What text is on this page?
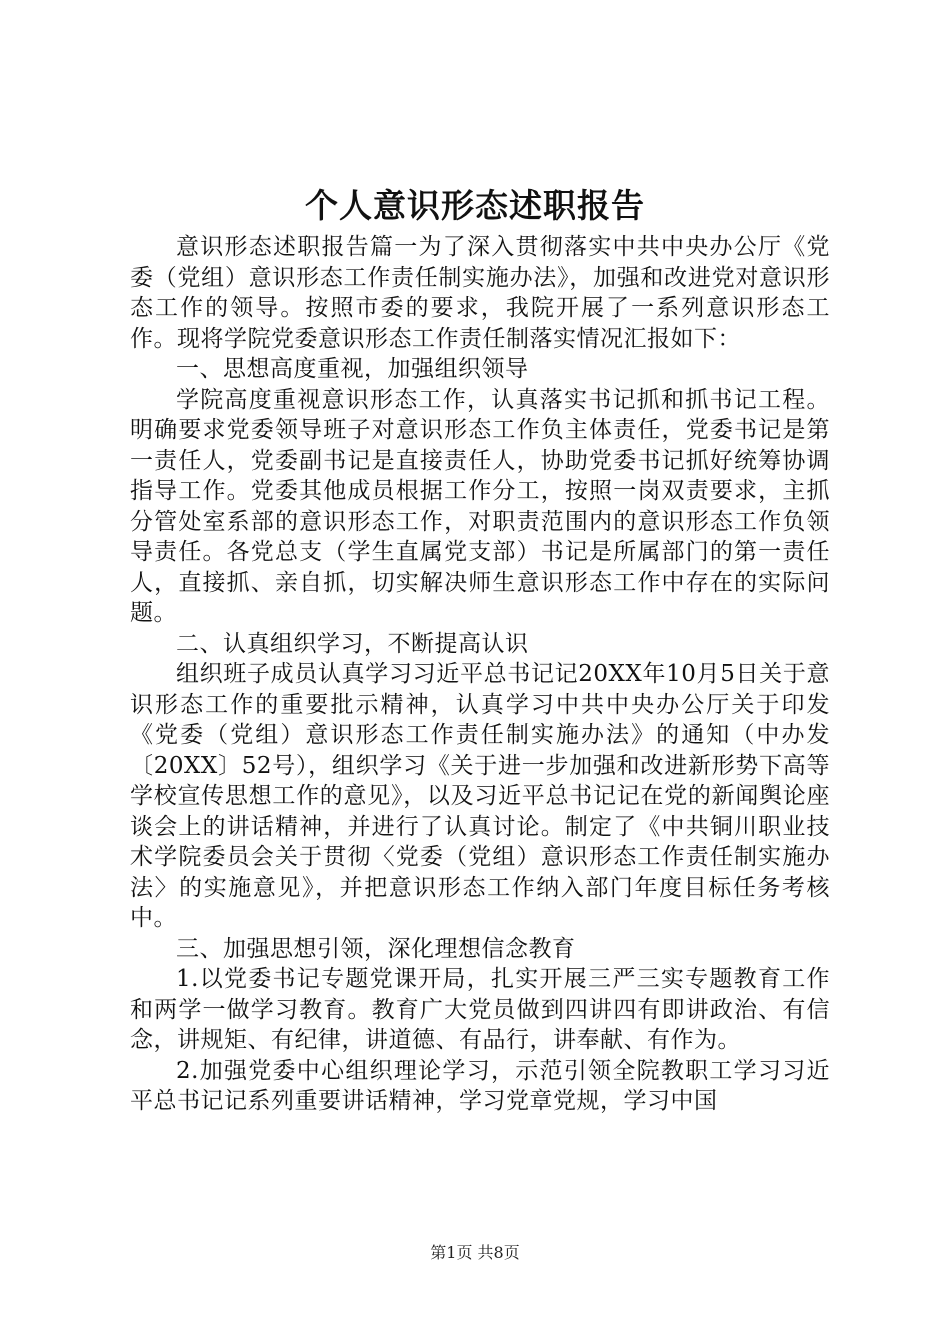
个人意识形态述职报告

意识形态述职报告篇一为了深入贯彻落实中共中央办公厅《党委（党组）意识形态工作责任制实施办法》，加强和改进党对意识形态工作的领导。按照市委的要求，我院开展了一系列意识形态工作。现将学院党委意识形态工作责任制落实情况汇报如下：

一、思想高度重视，加强组织领导

学院高度重视意识形态工作，认真落实书记抓和抓书记工程。明确要求党委领导班子对意识形态工作负主体责任，党委书记是第一责任人，党委副书记是直接责任人，协助党委书记抓好统筹协调指导工作。党委其他成员根据工作分工，按照一岗双责要求，主抓分管处室系部的意识形态工作，对职责范围内的意识形态工作负领导责任。各党总支（学生直属党支部）书记是所属部门的第一责任人，直接抓、亲自抓，切实解决师生意识形态工作中存在的实际问题。

二、认真组织学习，不断提高认识

组织班子成员认真学习习近平总书记记20XX年10月5日关于意识形态工作的重要批示精神，认真学习中共中央办公厅关于印发《党委（党组）意识形态工作责任制实施办法》的通知（中办发〔20XX〕52号），组织学习《关于进一步加强和改进新形势下高等学校宣传思想工作的意见》，以及习近平总书记记在党的新闻舆论座谈会上的讲话精神，并进行了认真讨论。制定了《中共铜川职业技术学院委员会关于贯彻〈党委（党组）意识形态工作责任制实施办法〉的实施意见》，并把意识形态工作纳入部门年度目标任务考核中。

三、加强思想引领，深化理想信念教育

1.以党委书记专题党课开局，扎实开展三严三实专题教育工作和两学一做学习教育。教育广大党员做到四讲四有即讲政治、有信念，讲规矩、有纪律，讲道德、有品行，讲奉献、有作为。

2.加强党委中心组织理论学习，示范引领全院教职工学习习近平总书记记系列重要讲话精神，学习党章党规，学习中国

第1页 共8页
